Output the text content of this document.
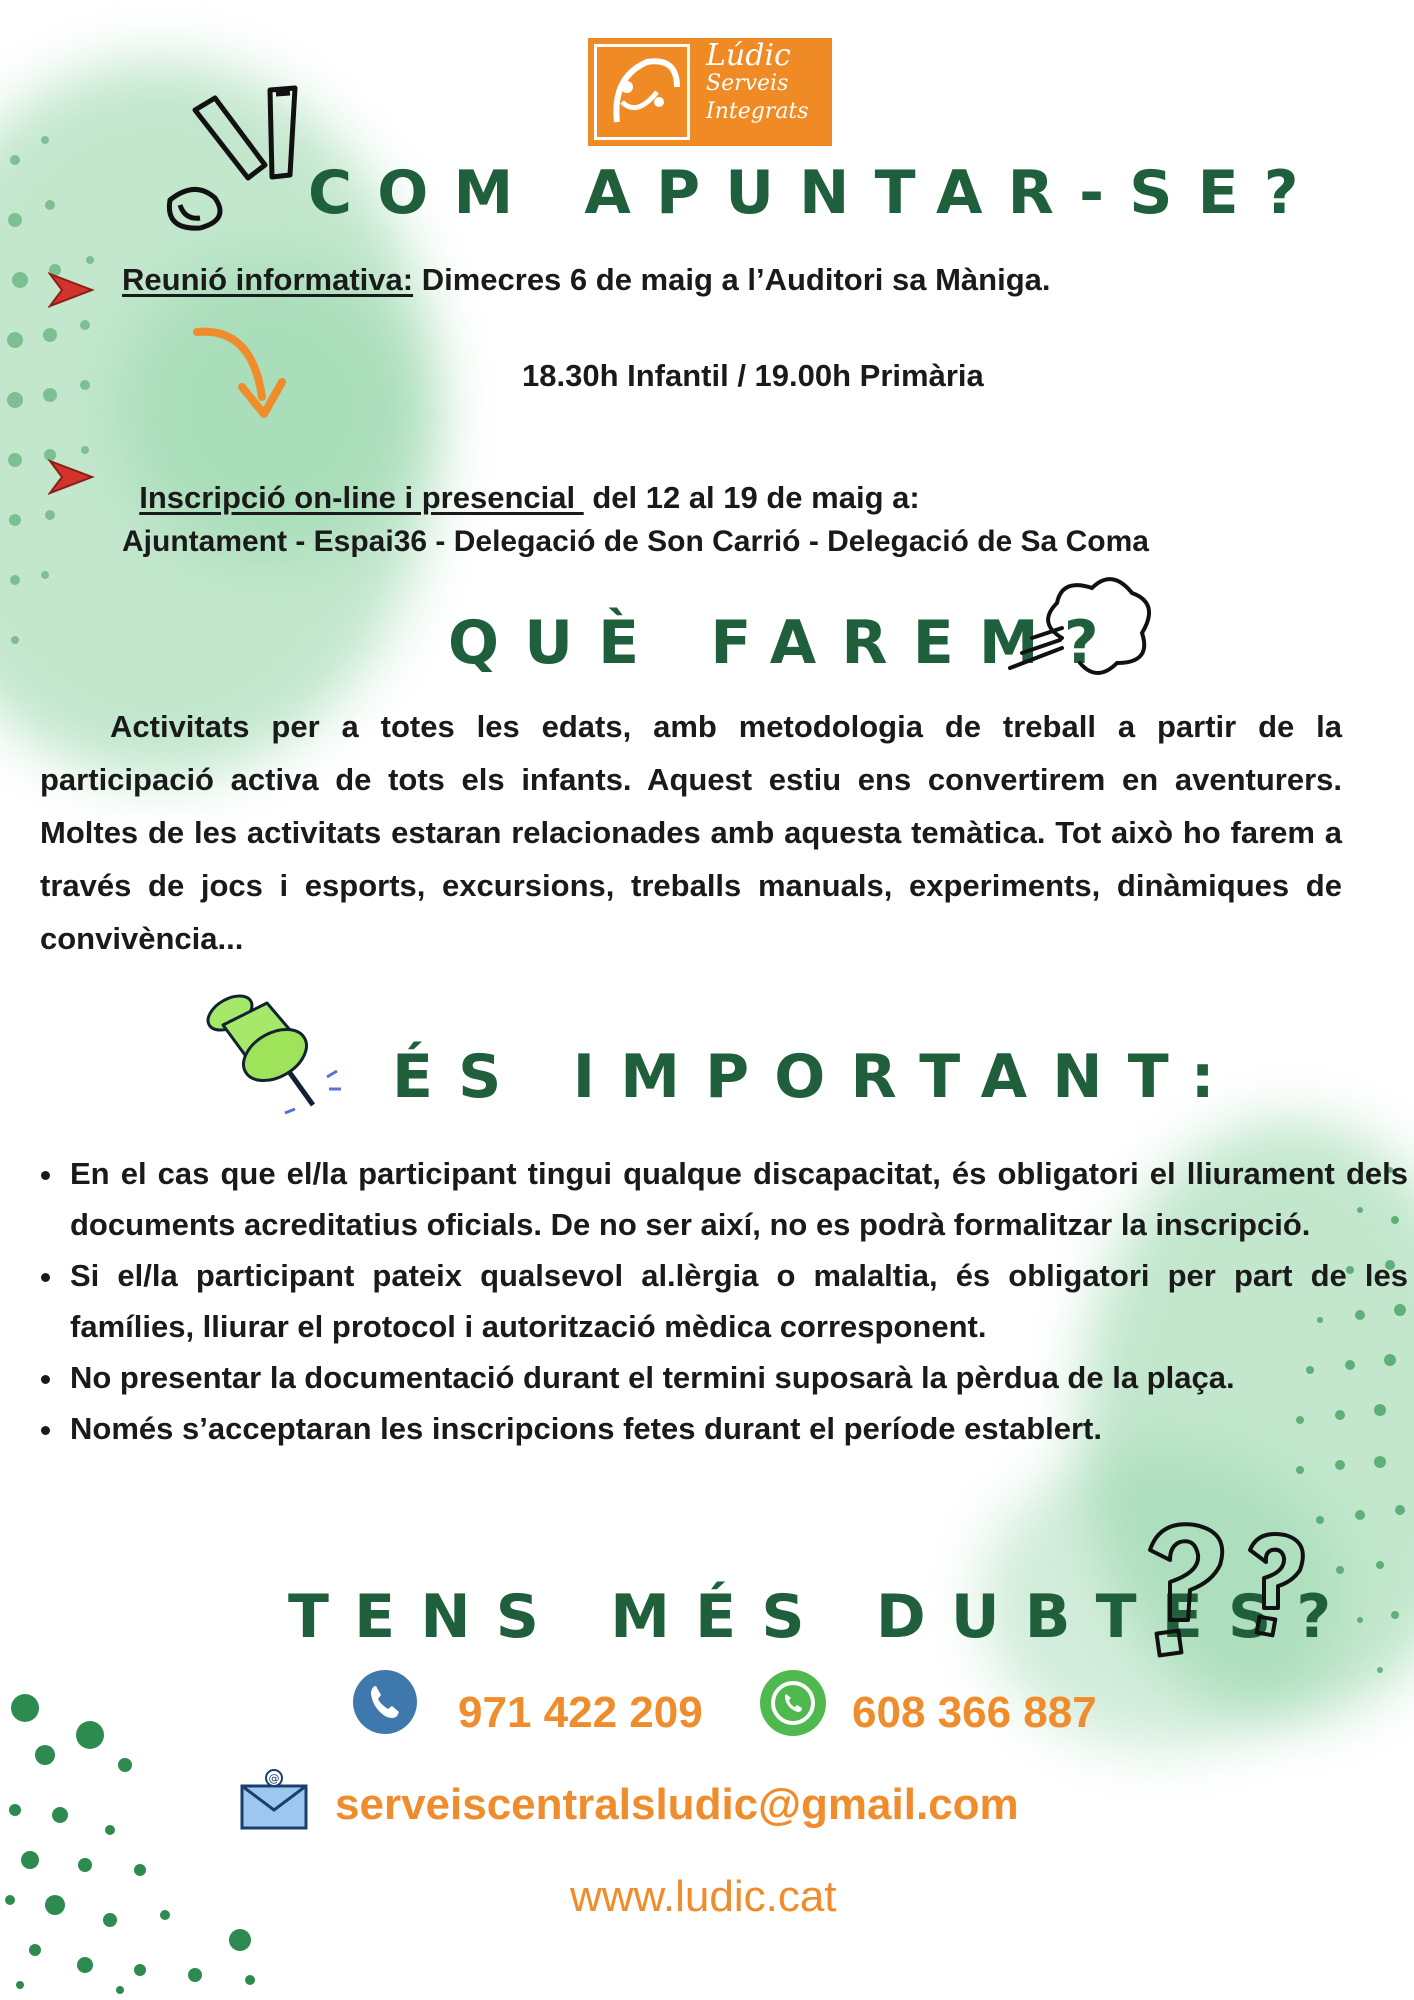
Lúdic
Serveis
Integrats
COM APUNTAR-SE?
Reunió informativa: Dimecres 6 de maig a l’Auditori sa Màniga.
18.30h Infantil / 19.00h Primària

Inscripció on-line i presencial  del 12 al 19 de maig a:

Ajuntament - Espai36 - Delegació de Son Carrió - Delegació de Sa Coma
QUÈ FAREM?
Activitats per a totes les edats, amb metodologia de treball a partir de la participació activa de tots els infants. Aquest estiu ens convertirem en aventurers. Moltes de les activitats estaran relacionades amb aquesta temàtica. Tot això ho farem a través de jocs i esports, excursions, treballs manuals, experiments, dinàmiques de convivència...
ÉS IMPORTANT:
• En el cas que el/la participant tingui qualque discapacitat, és obligatori el lliurament dels documents acreditatius oficials. De no ser així, no es podrà formalitzar la inscripció.
• Si el/la participant pateix qualsevol al.lèrgia o malaltia, és obligatori per part de les famílies, lliurar el protocol i autorització mèdica corresponent.
• No presentar la documentació durant el termini suposarà la pèrdua de la plaça.
• Només s’acceptaran les inscripcions fetes durant el període establert.
TENS MÉS DUBTES?
971 422 209	608 366 887
@
serveiscentralsludic@gmail.com
www.ludic.cat
